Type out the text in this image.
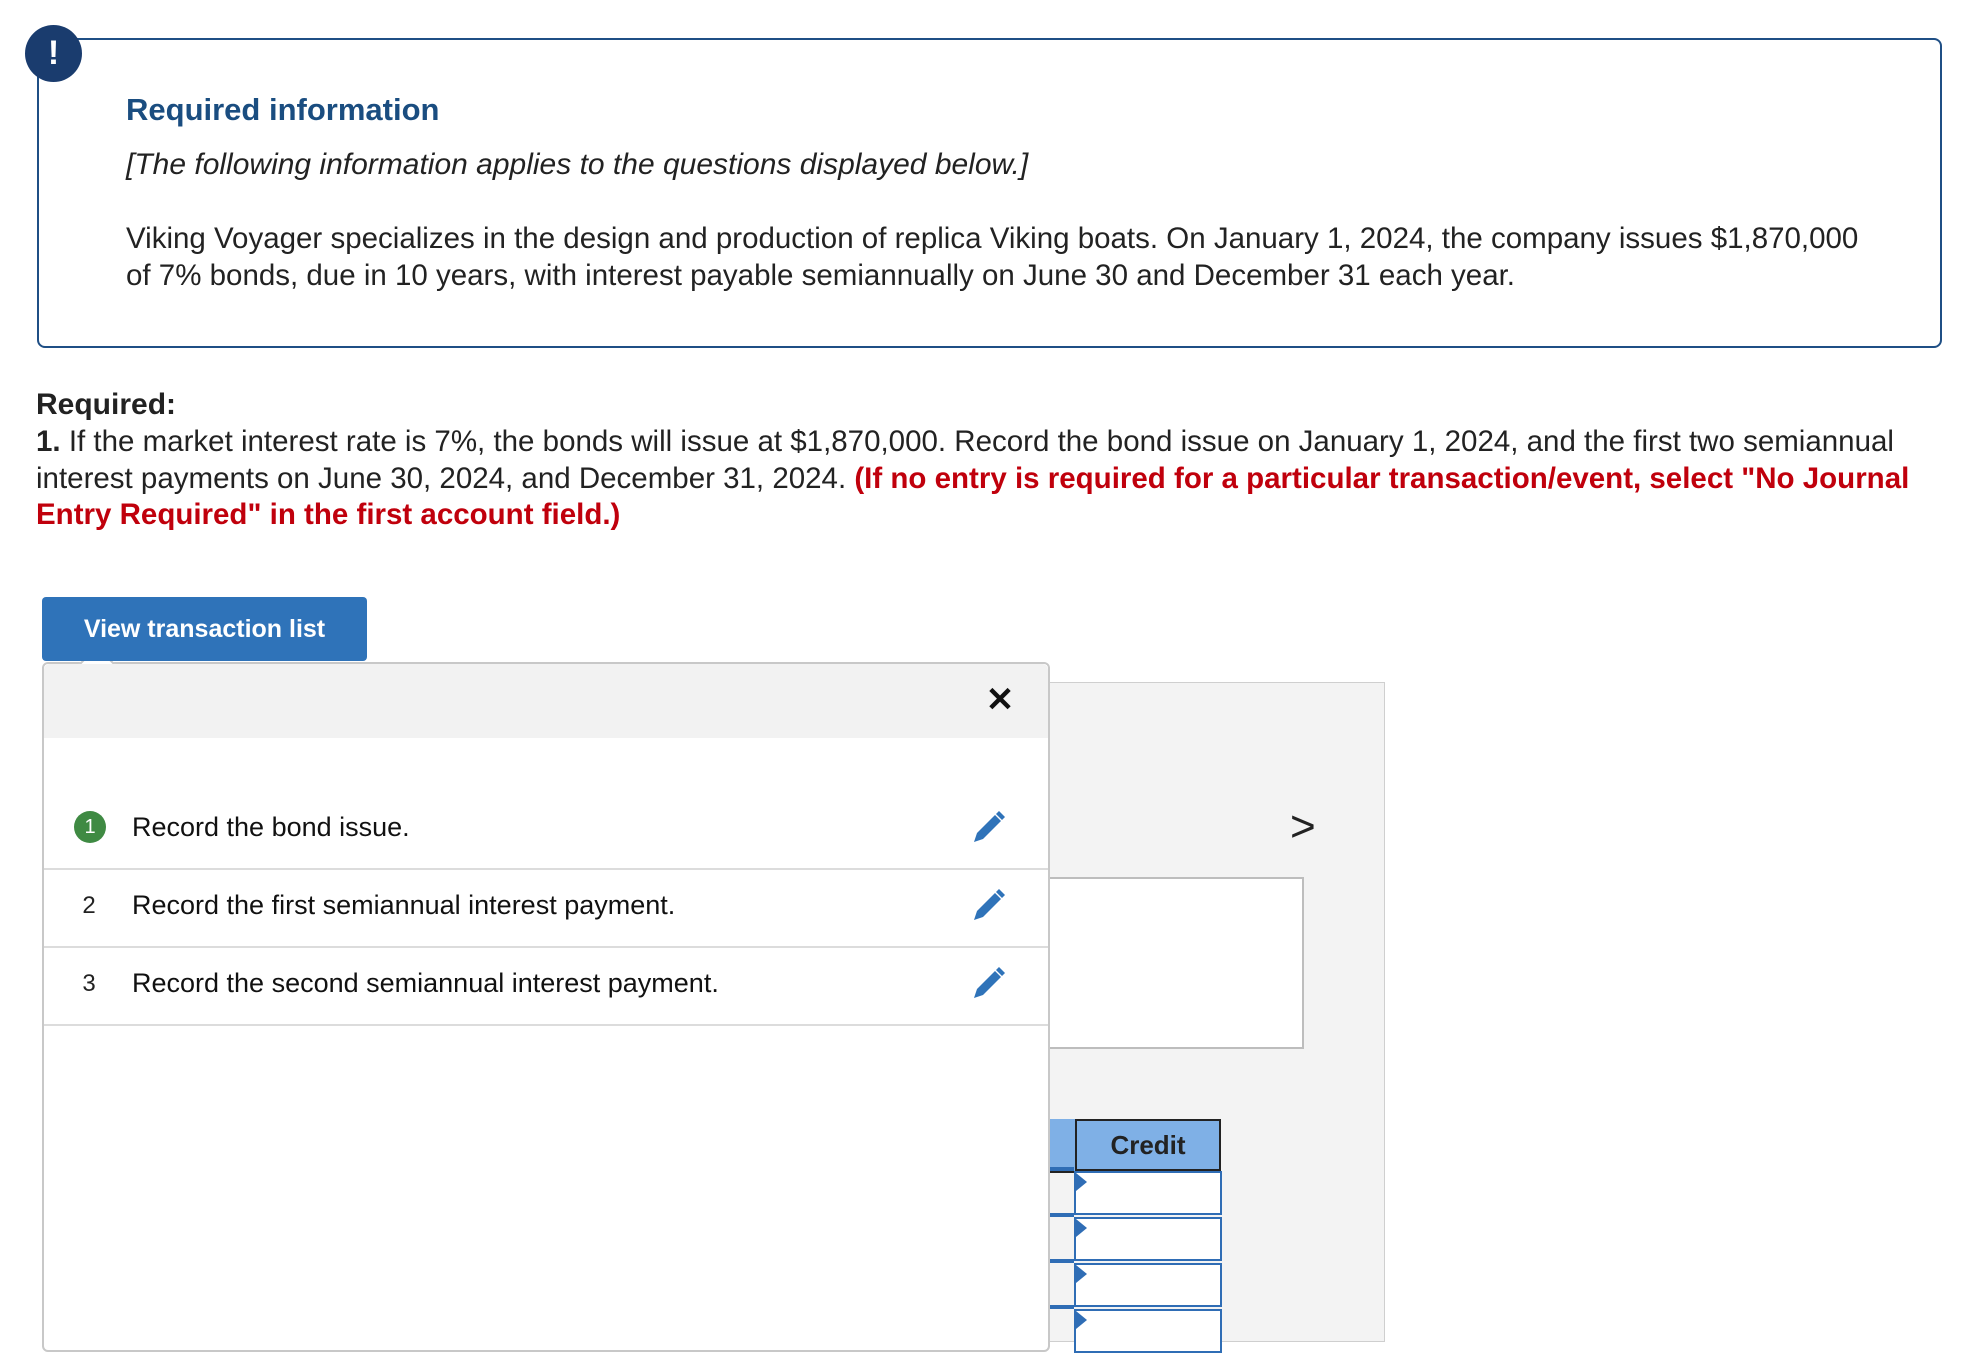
!
Required information

[The following information applies to the questions displayed below.]

Viking Voyager specializes in the design and production of replica Viking boats. On January 1, 2024, the company issues $1,870,000 of 7% bonds, due in 10 years, with interest payable semiannually on June 30 and December 31 each year.

Required:

1. If the market interest rate is 7%, the bonds will issue at $1,870,000. Record the bond issue on January 1, 2024, and the first two semiannual interest payments on June 30, 2024, and December 31, 2024. (If no entry is required for a particular transaction/event, select "No Journal Entry Required" in the first account field.)

>
Credit
View transaction list
✕
1	Record the bond issue.
2	Record the first semiannual interest payment.
3	Record the second semiannual interest payment.
